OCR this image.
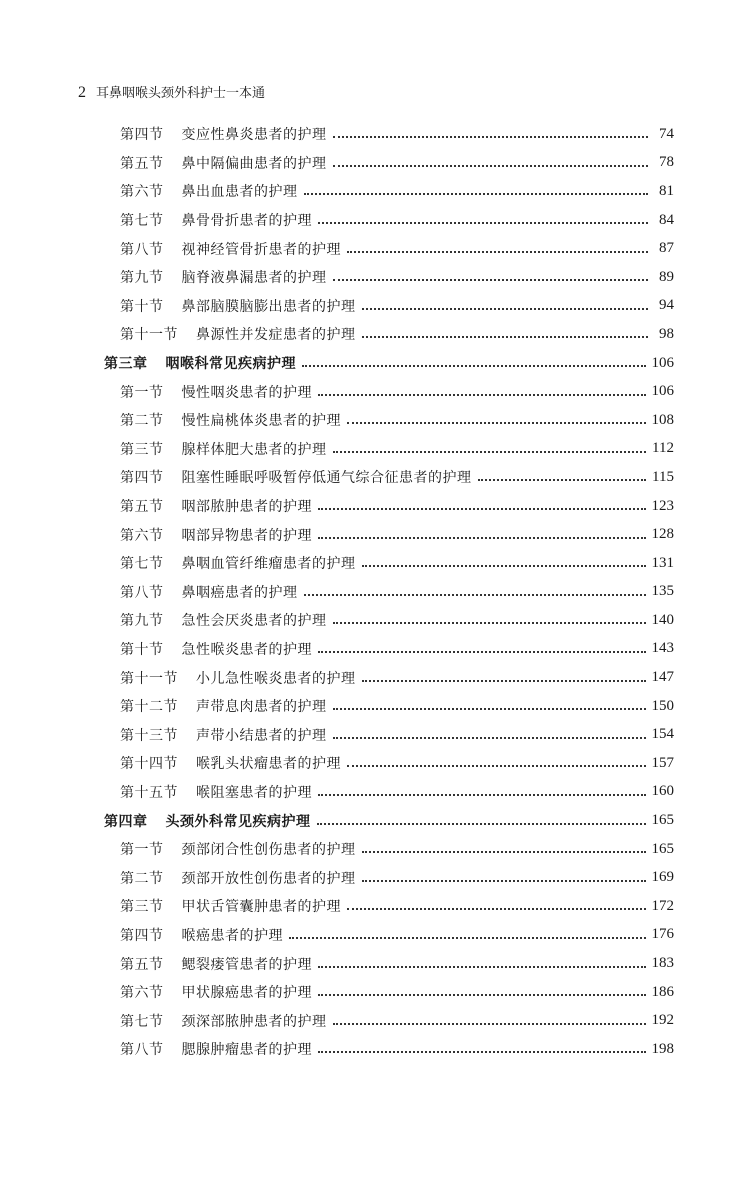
2 耳鼻咽喉头颈外科护士一本通
第四节 变应性鼻炎患者的护理	74
第五节 鼻中隔偏曲患者的护理	78
第六节 鼻出血患者的护理	81
第七节 鼻骨骨折患者的护理	84
第八节 视神经管骨折患者的护理	87
第九节 脑脊液鼻漏患者的护理	89
第十节 鼻部脑膜脑膨出患者的护理	94
第十一节 鼻源性并发症患者的护理	98
第三章 咽喉科常见疾病护理	106
第一节 慢性咽炎患者的护理	106
第二节 慢性扁桃体炎患者的护理	108
第三节 腺样体肥大患者的护理	112
第四节 阻塞性睡眠呼吸暂停低通气综合征患者的护理	115
第五节 咽部脓肿患者的护理	123
第六节 咽部异物患者的护理	128
第七节 鼻咽血管纤维瘤患者的护理	131
第八节 鼻咽癌患者的护理	135
第九节 急性会厌炎患者的护理	140
第十节 急性喉炎患者的护理	143
第十一节 小儿急性喉炎患者的护理	147
第十二节 声带息肉患者的护理	150
第十三节 声带小结患者的护理	154
第十四节 喉乳头状瘤患者的护理	157
第十五节 喉阻塞患者的护理	160
第四章 头颈外科常见疾病护理	165
第一节 颈部闭合性创伤患者的护理	165
第二节 颈部开放性创伤患者的护理	169
第三节 甲状舌管囊肿患者的护理	172
第四节 喉癌患者的护理	176
第五节 鳃裂瘘管患者的护理	183
第六节 甲状腺癌患者的护理	186
第七节 颈深部脓肿患者的护理	192
第八节 腮腺肿瘤患者的护理	198
